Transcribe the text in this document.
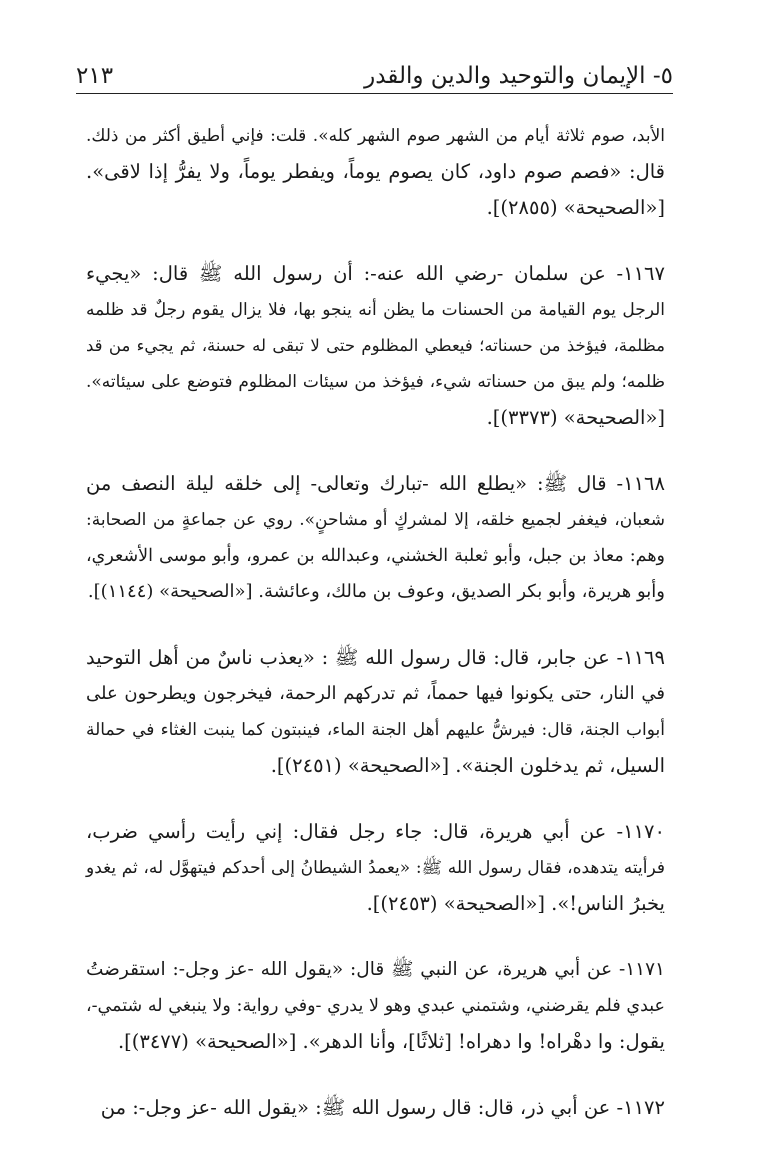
٥- الإيمان والتوحيد والدين والقدر
٢١٣
الأبد، صوم ثلاثة أيام من الشهر صوم الشهر كله». قلت: فإني أطيق أكثر من ذلك.
قال: «فصم صوم داود، كان يصوم يوماً، ويفطر يوماً، ولا يفرُّ إذا لاقى».
[«الصحيحة» (٢٨٥٥)].
١١٦٧- عن سلمان -رضي الله عنه-: أن رسول الله ﷺ قال: «يجيء
الرجل يوم القيامة من الحسنات ما يظن أنه ينجو بها، فلا يزال يقوم رجلٌ قد ظلمه
مظلمة، فيؤخذ من حسناته؛ فيعطي المظلوم حتى لا تبقى له حسنة، ثم يجيء من قد
ظلمه؛ ولم يبق من حسناته شيء، فيؤخذ من سيئات المظلوم فتوضع على سيئاته».
[«الصحيحة» (٣٣٧٣)].
١١٦٨- قال ﷺ: «يطلع الله -تبارك وتعالى- إلى خلقه ليلة النصف من
شعبان، فيغفر لجميع خلقه، إلا لمشركٍ أو مشاحنٍ». روي عن جماعةٍ من الصحابة:
وهم: معاذ بن جبل، وأبو ثعلبة الخشني، وعبدالله بن عمرو، وأبو موسى الأشعري،
وأبو هريرة، وأبو بكر الصديق، وعوف بن مالك، وعائشة. [«الصحيحة» (١١٤٤)].
١١٦٩- عن جابر، قال: قال رسول الله ﷺ : «يعذب ناسٌ من أهل التوحيد
في النار، حتى يكونوا فيها حمماً، ثم تدركهم الرحمة، فيخرجون ويطرحون على
أبواب الجنة، قال: فيرشُّ عليهم أهل الجنة الماء، فينبتون كما ينبت الغثاء في حمالة
السيل، ثم يدخلون الجنة». [«الصحيحة» (٢٤٥١)].
١١٧٠- عن أبي هريرة، قال: جاء رجل فقال: إني رأيت رأسي ضرب،
فرأيته يتدهده، فقال رسول الله ﷺ: «يعمدُ الشيطانُ إلى أحدكم فيتهوَّل له، ثم يغدو
يخبرُ الناس!». [«الصحيحة» (٢٤٥٣)].
١١٧١- عن أبي هريرة، عن النبي ﷺ قال: «يقول الله -عز وجل-: استقرضتُ
عبدي فلم يقرضني، وشتمني عبدي وهو لا يدري -وفي رواية: ولا ينبغي له شتمي-،
يقول: وا دهْراه! وا دهراه! [ثلاثًا]، وأنا الدهر». [«الصحيحة» (٣٤٧٧)].
١١٧٢- عن أبي ذر، قال: قال رسول الله ﷺ: «يقول الله -عز وجل-: من
